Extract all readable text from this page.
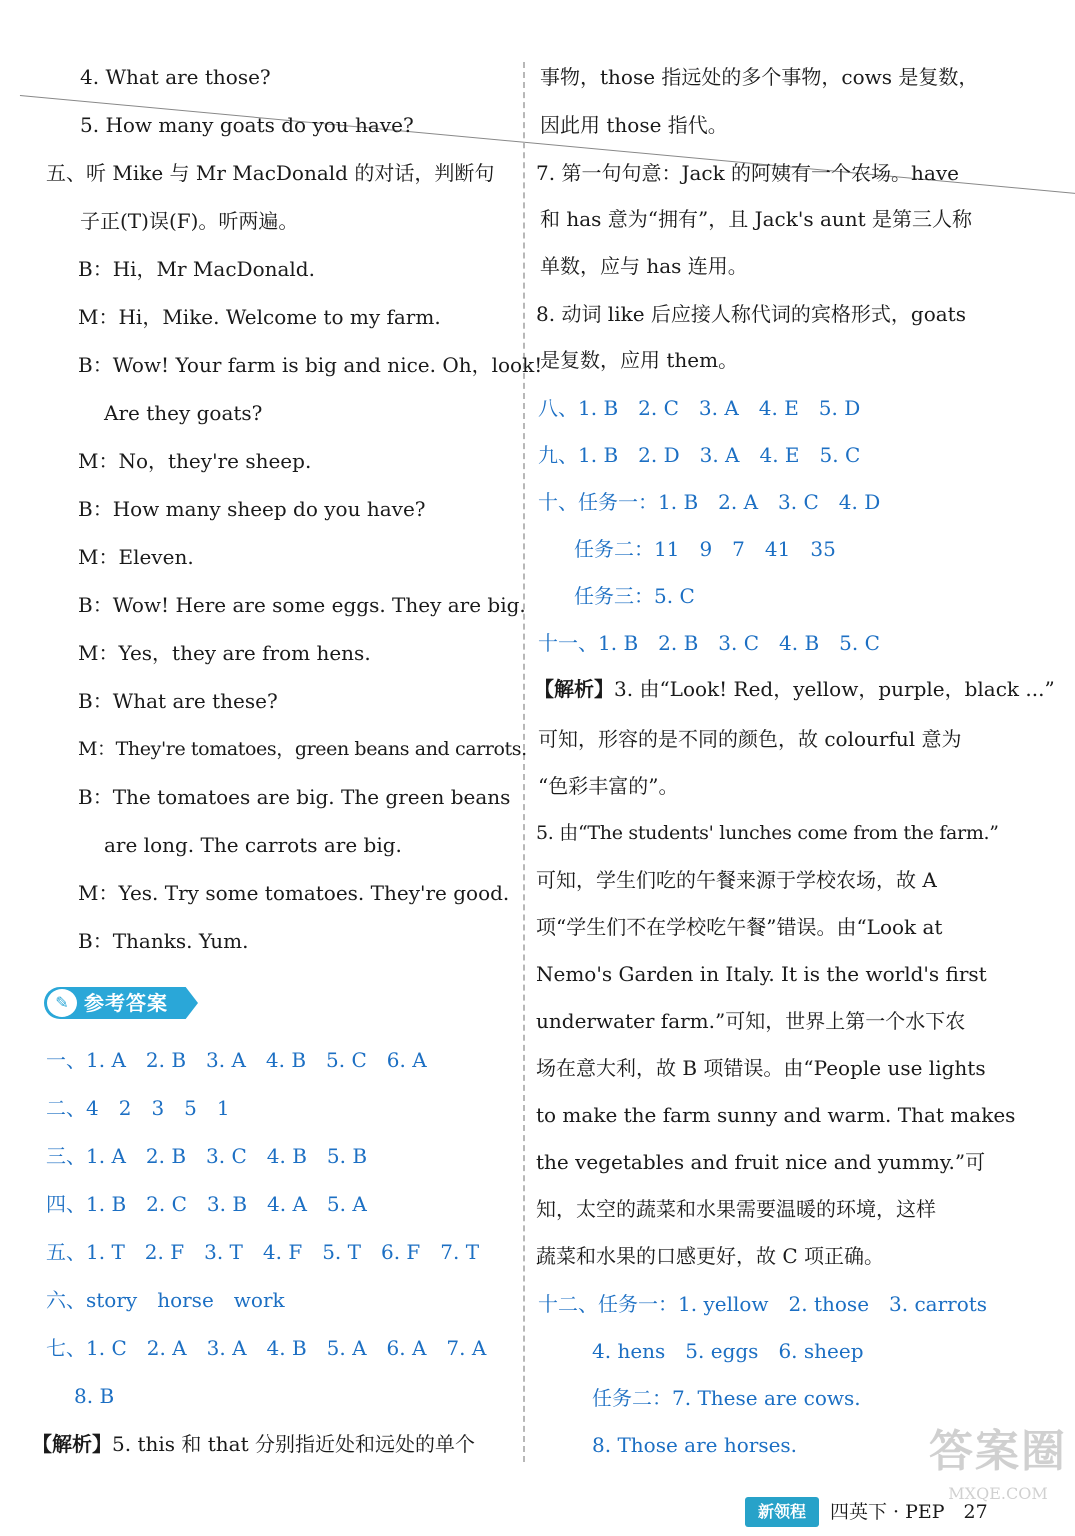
4. What are those?
5. How many goats do you have?
五、听 Mike 与 Mr MacDonald 的对话，判断句
子正(T)误(F)。听两遍。
B：Hi，Mr MacDonald.
M：Hi，Mike. Welcome to my farm.
B：Wow! Your farm is big and nice. Oh，look!
Are they goats?
M：No，they're sheep.
B：How many sheep do you have?
M：Eleven.
B：Wow! Here are some eggs. They are big.
M：Yes，they are from hens.
B：What are these?
M：They're tomatoes，green beans and carrots.
B：The tomatoes are big. The green beans
are long. The carrots are big.
M：Yes. Try some tomatoes. They're good.
B：Thanks. Yum.
✎ 参考答案
一、1. A　2. B　3. A　4. B　5. C　6. A
二、4　2　3　5　1
三、1. A　2. B　3. C　4. B　5. B
四、1. B　2. C　3. B　4. A　5. A
五、1. T　2. F　3. T　4. F　5. T　6. F　7. T
六、story　horse　work
七、1. C　2. A　3. A　4. B　5. A　6. A　7. A
8. B
【解析】5. this 和 that 分别指近处和远处的单个
事物，those 指远处的多个事物，cows 是复数，
因此用 those 指代。
7. 第一句句意：Jack 的阿姨有一个农场。have
和 has 意为“拥有”，且 Jack's aunt 是第三人称
单数，应与 has 连用。
8. 动词 like 后应接人称代词的宾格形式，goats
是复数，应用 them。
八、1. B　2. C　3. A　4. E　5. D
九、1. B　2. D　3. A　4. E　5. C
十、任务一：1. B　2. A　3. C　4. D
任务二：11　9　7　41　35
任务三：5. C
十一、1. B　2. B　3. C　4. B　5. C
【解析】3. 由“Look! Red，yellow，purple，black ...”
可知，形容的是不同的颜色，故 colourful 意为
“色彩丰富的”。
5. 由“The students' lunches come from the farm.”
可知，学生们吃的午餐来源于学校农场，故 A
项“学生们不在学校吃午餐”错误。由“Look at
Nemo's Garden in Italy. It is the world's first
underwater farm.”可知，世界上第一个水下农
场在意大利，故 B 项错误。由“People use lights
to make the farm sunny and warm. That makes
the vegetables and fruit nice and yummy.”可
知，太空的蔬菜和水果需要温暖的环境，这样
蔬菜和水果的口感更好，故 C 项正确。
十二、任务一：1. yellow　2. those　3. carrots
4. hens　5. eggs　6. sheep
任务二：7. These are cows.
8. Those are horses.
新领程	四英下 · PEP　27
答案圈
MXQE.COM
